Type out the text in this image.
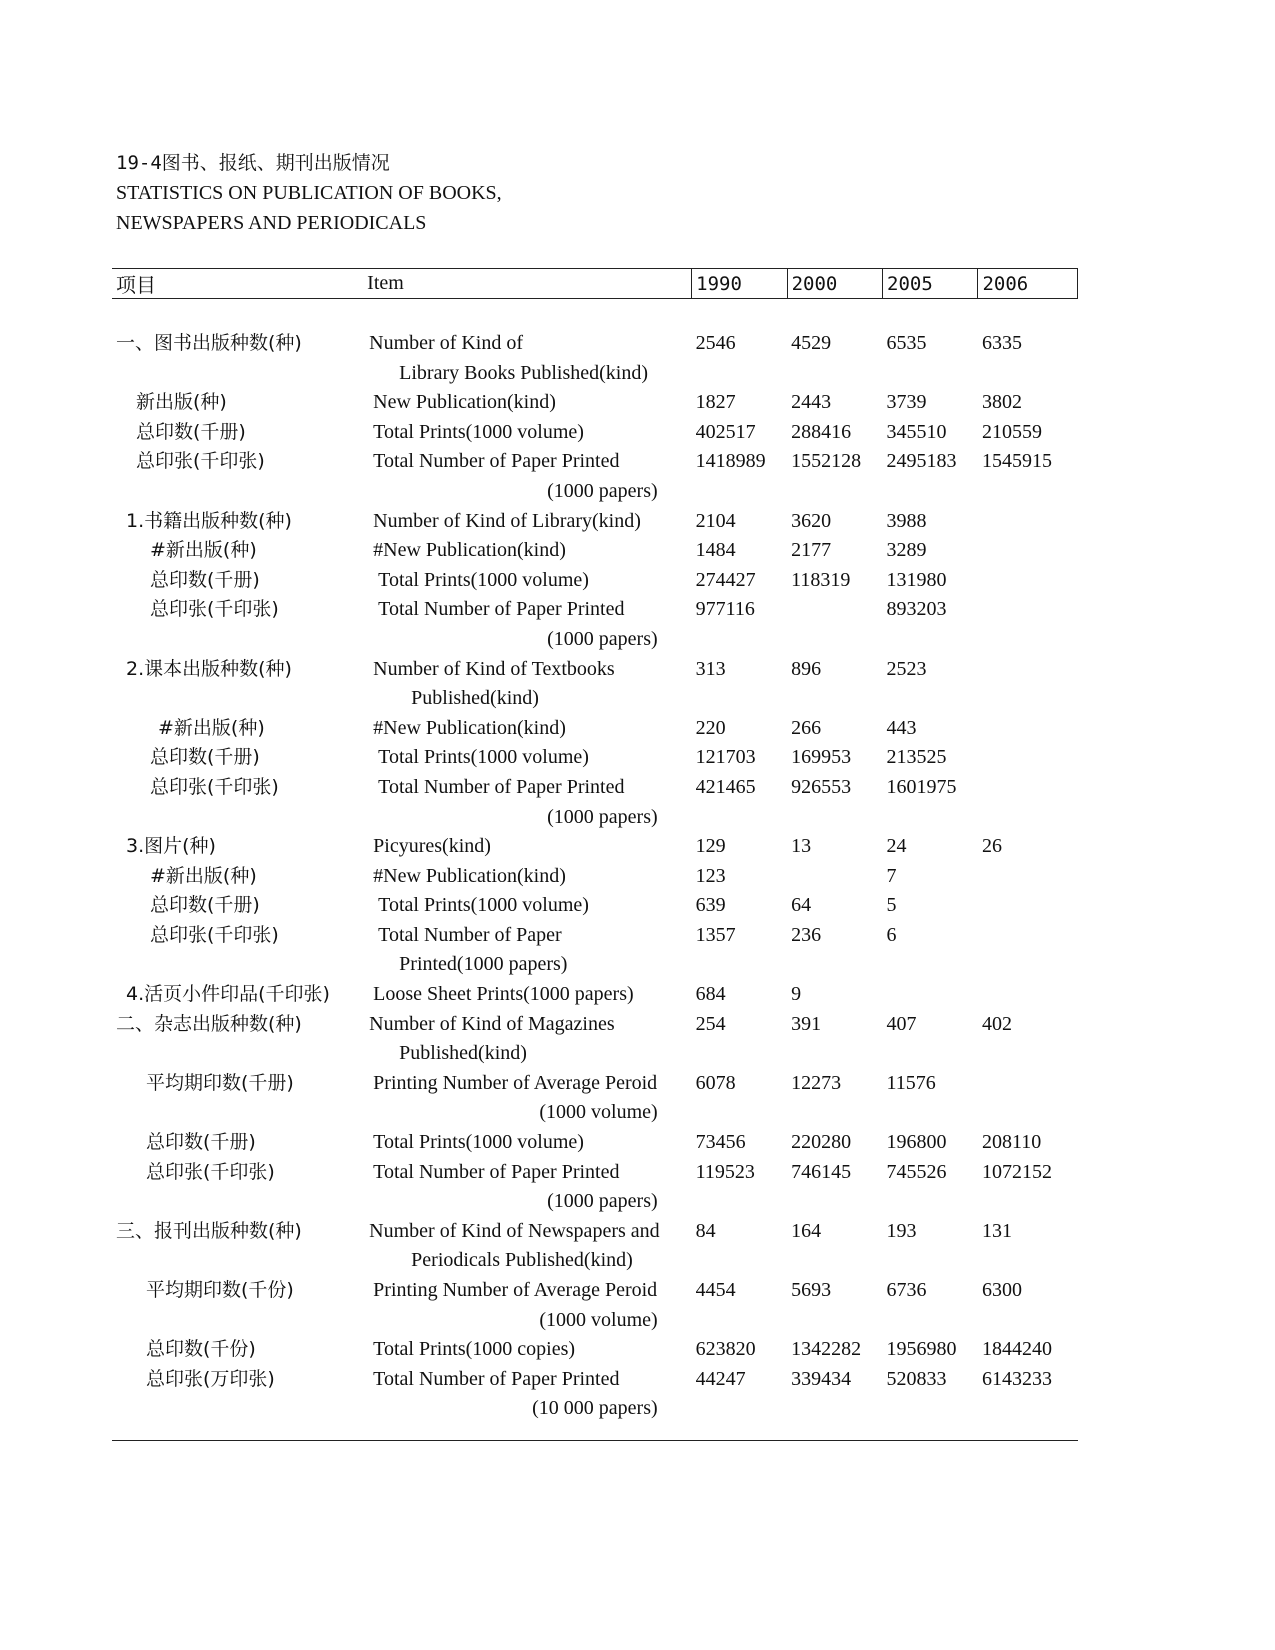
19-4图书、报纸、期刊出版情况
STATISTICS ON PUBLICATION OF BOOKS,
NEWSPAPERS AND PERIODICALS
项目	Item	1990	2000	2005	2006

一、图书出版种数(种)	Number of Kind of	2546	4529	6535	6335
	Library Books Published(kind)				
新出版(种)	New Publication(kind)	1827	2443	3739	3802
总印数(千册)	Total Prints(1000 volume)	402517	288416	345510	210559
总印张(千印张)	Total Number of Paper Printed	1418989	1552128	2495183	1545915
	(1000 papers)				
1.书籍出版种数(种)	Number of Kind of Library(kind)	2104	3620	3988	
#新出版(种)	#New Publication(kind)	1484	2177	3289	
总印数(千册)	Total Prints(1000 volume)	274427	118319	131980	
总印张(千印张)	Total Number of Paper Printed	977116		893203	
	(1000 papers)				
2.课本出版种数(种)	Number of Kind of Textbooks	313	896	2523	
	Published(kind)				
#新出版(种)	#New Publication(kind)	220	266	443	
总印数(千册)	Total Prints(1000 volume)	121703	169953	213525	
总印张(千印张)	Total Number of Paper Printed	421465	926553	1601975	
	(1000 papers)				
3.图片(种)	Picyures(kind)	129	13	24	26
#新出版(种)	#New Publication(kind)	123		7	
总印数(千册)	Total Prints(1000 volume)	639	64	5	
总印张(千印张)	Total Number of Paper	1357	236	6	
	Printed(1000 papers)				
4.活页小件印品(千印张)	Loose Sheet Prints(1000 papers)	684	9		
二、杂志出版种数(种)	Number of Kind of Magazines	254	391	407	402
	Published(kind)				
平均期印数(千册)	Printing Number of Average Peroid	6078	12273	11576	
	(1000 volume)				
总印数(千册)	Total Prints(1000 volume)	73456	220280	196800	208110
总印张(千印张)	Total Number of Paper Printed	119523	746145	745526	1072152
	(1000 papers)				
三、报刊出版种数(种)	Number of Kind of Newspapers and	84	164	193	131
	Periodicals Published(kind)				
平均期印数(千份)	Printing Number of Average Peroid	4454	5693	6736	6300
	(1000 volume)				
总印数(千份)	Total Prints(1000 copies)	623820	1342282	1956980	1844240
总印张(万印张)	Total Number of Paper Printed	44247	339434	520833	6143233
	(10 000 papers)				
